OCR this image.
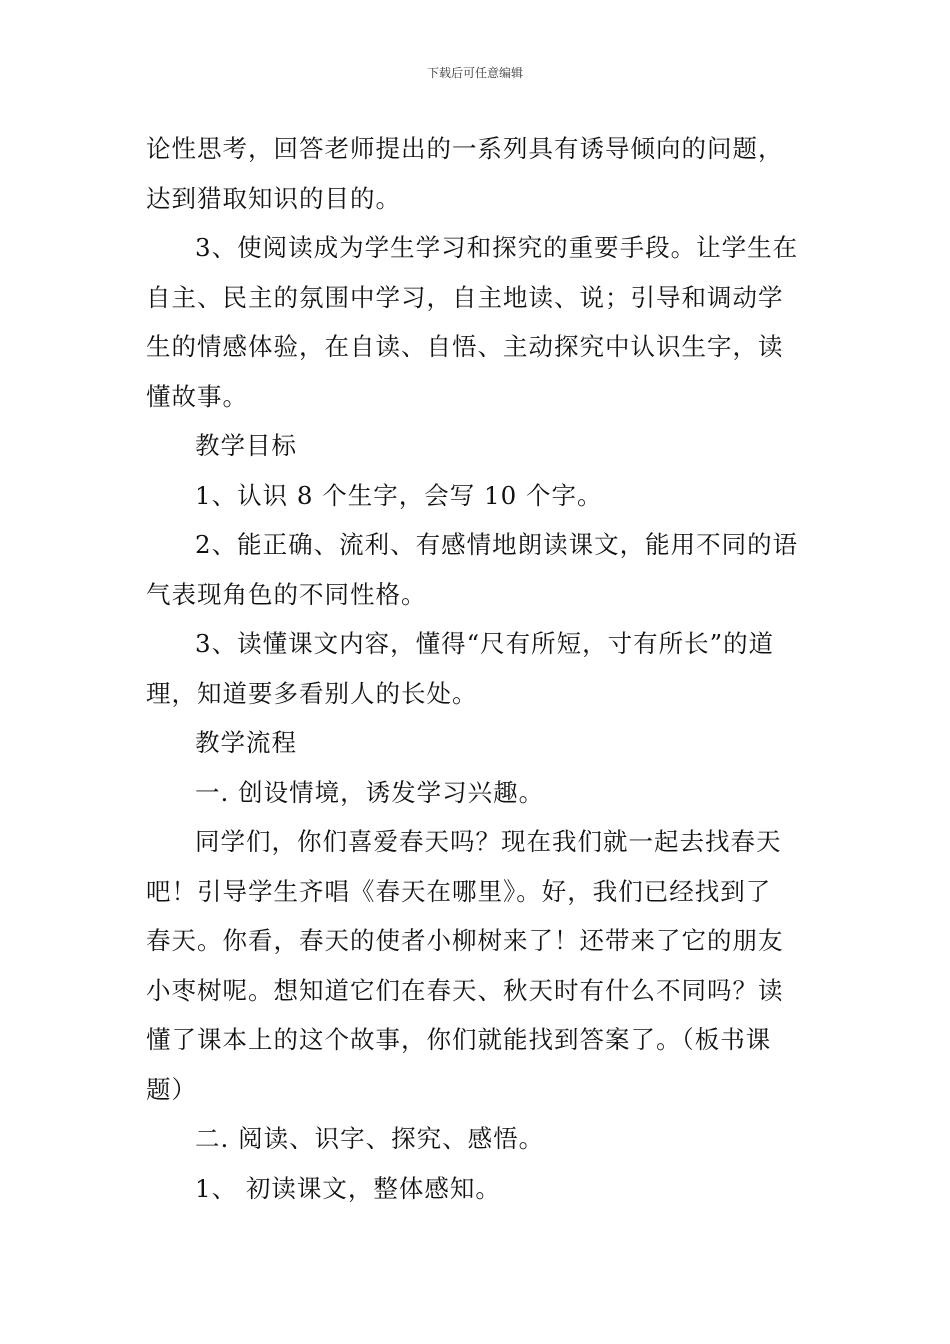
下载后可任意编辑

论性思考，回答老师提出的一系列具有诱导倾向的问题，

达到猎取知识的目的。

3、使阅读成为学生学习和探究的重要手段。让学生在

自主、民主的氛围中学习，自主地读、说；引导和调动学

生的情感体验，在自读、自悟、主动探究中认识生字，读

懂故事。

教学目标

1、认识 8 个生字，会写 10 个字。

2、能正确、流利、有感情地朗读课文，能用不同的语

气表现角色的不同性格。

3、读懂课文内容，懂得“尺有所短，寸有所长”的道

理，知道要多看别人的长处。

教学流程

一. 创设情境，诱发学习兴趣。

同学们，你们喜爱春天吗？现在我们就一起去找春天

吧！引导学生齐唱《春天在哪里》。好，我们已经找到了

春天。你看，春天的使者小柳树来了！还带来了它的朋友

小枣树呢。想知道它们在春天、秋天时有什么不同吗？读

懂了课本上的这个故事，你们就能找到答案了。（板书课

题）

二. 阅读、识字、探究、感悟。

1、 初读课文，整体感知。
